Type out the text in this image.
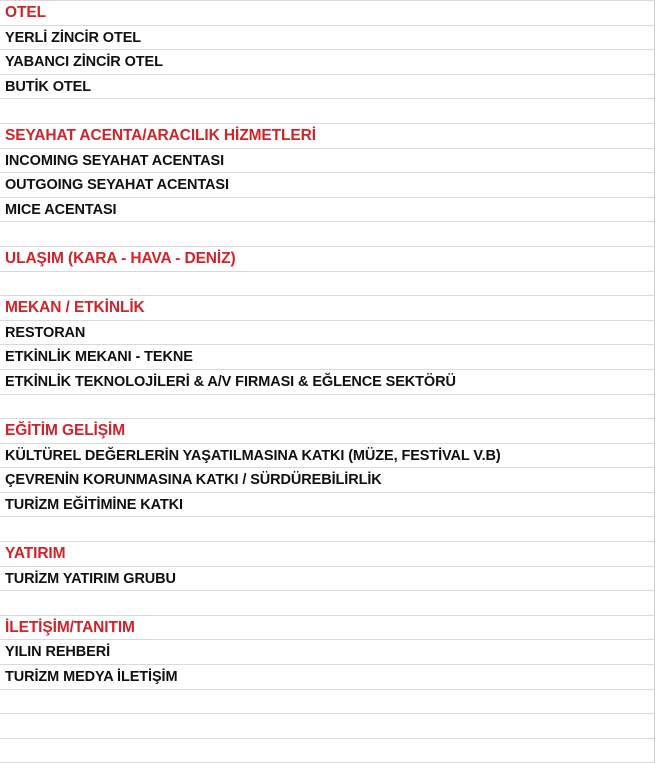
OTEL
YERLİ ZİNCİR OTEL
YABANCI ZİNCİR OTEL
BUTİK OTEL
SEYAHAT ACENTA/ARACILIK HİZMETLERİ
INCOMING SEYAHAT ACENTASI
OUTGOING SEYAHAT ACENTASI
MICE ACENTASI
ULAŞIM (KARA - HAVA - DENİZ)
MEKAN / ETKİNLİK
RESTORAN
ETKİNLİK MEKANI - TEKNE
ETKİNLİK TEKNOLOJİLERİ & A/V FIRMASI & EĞLENCE SEKTÖRÜ
EĞİTİM GELİŞİM
KÜLTÜREL DEĞERLERİN YAŞATILMASINA KATKI (MÜZE, FESTİVAL V.B)
ÇEVRENİN KORUNMASINA KATKI / SÜRDÜREBİLİRLİK
TURİZM EĞİTİMİNE KATKI
YATIRIM
TURİZM YATIRIM GRUBU
İLETİŞİM/TANITIM
YILIN REHBERİ
TURİZM MEDYA İLETİŞİM
